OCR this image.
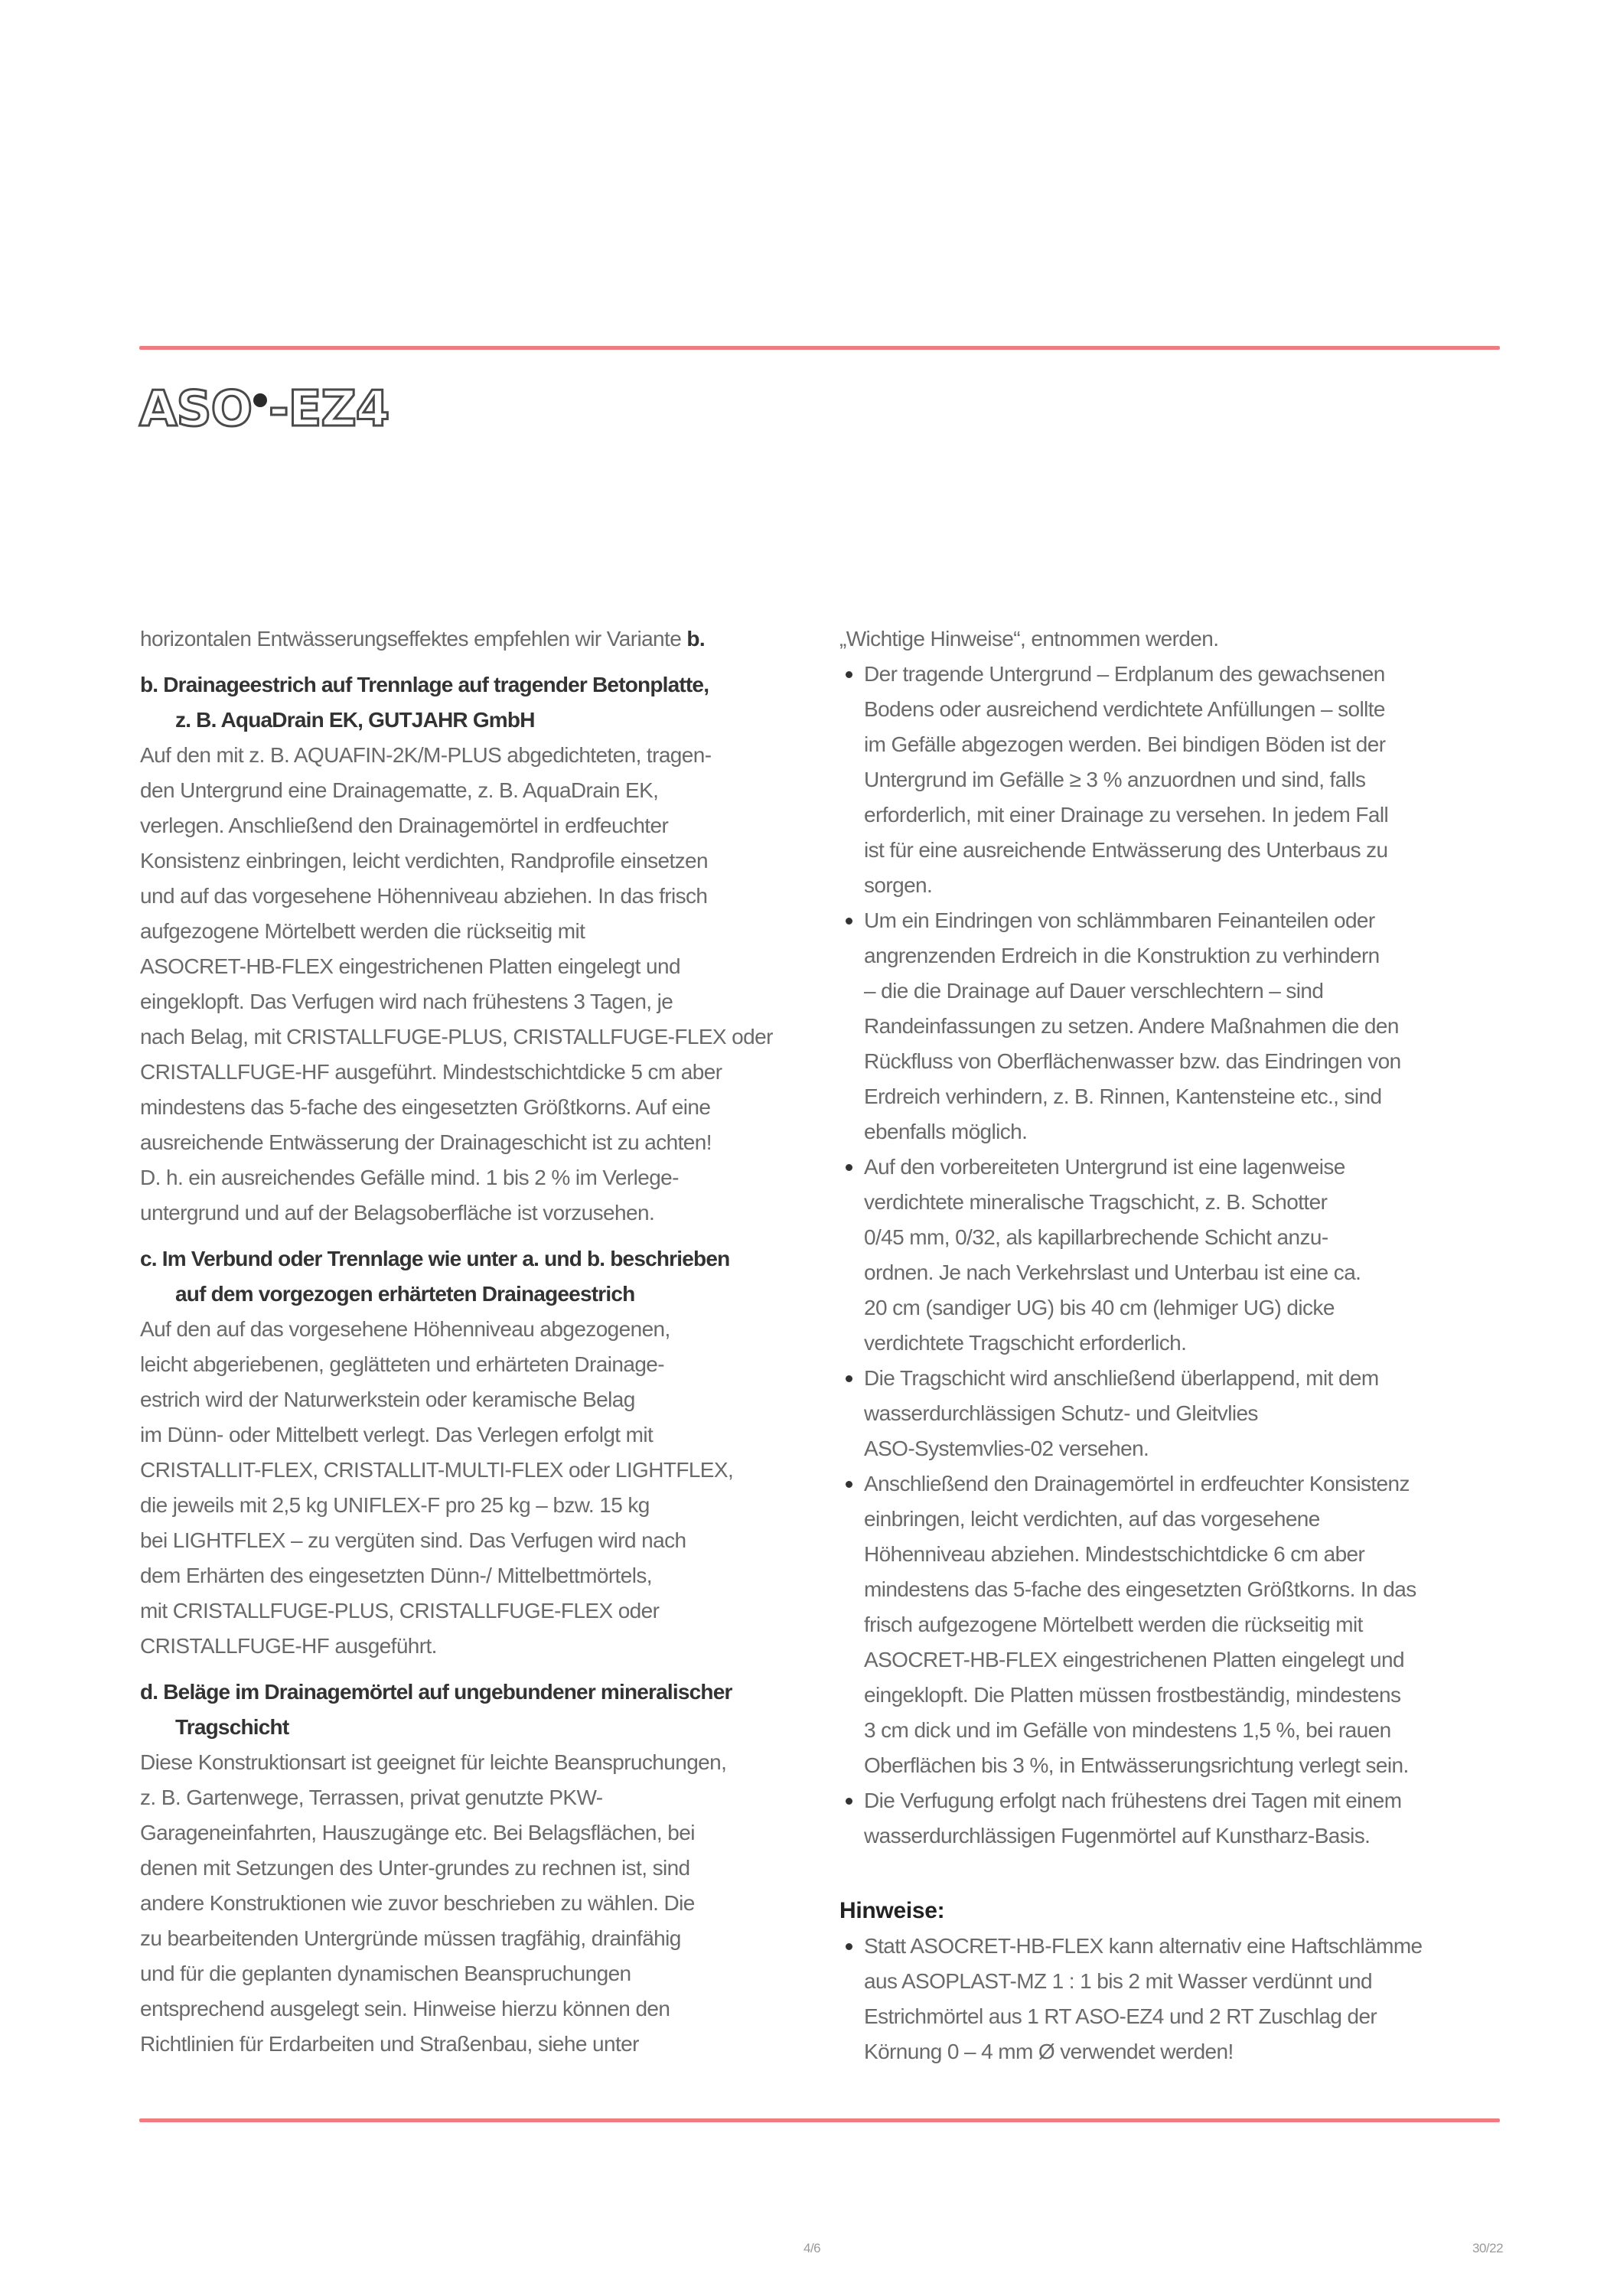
ASO -EZ4

horizontalen Entwässerungseffektes empfehlen wir Variante b.

b. Drainageestrich auf Trennlage auf tragender Betonplatte,
z. B. AquaDrain EK, GUTJAHR GmbH
Auf den mit z. B. AQUAFIN-2K/M-PLUS abgedichteten, tragen-
den Untergrund eine Drainagematte, z. B. AquaDrain EK,
verlegen. Anschließend den Drainagemörtel in erdfeuchter
Konsistenz einbringen, leicht verdichten, Randprofile einsetzen
und auf das vorgesehene Höhenniveau abziehen. In das frisch
aufgezogene Mörtelbett werden die rückseitig mit
ASOCRET-HB-FLEX eingestrichenen Platten eingelegt und
eingeklopft. Das Verfugen wird nach frühestens 3 Tagen, je
nach Belag, mit CRISTALLFUGE-PLUS, CRISTALLFUGE-FLEX oder
CRISTALLFUGE-HF ausgeführt. Mindestschichtdicke 5 cm aber
mindestens das 5-fache des eingesetzten Größtkorns. Auf eine
ausreichende Entwässerung der Drainageschicht ist zu achten!
D. h. ein ausreichendes Gefälle mind. 1 bis 2 % im Verlege-
untergrund und auf der Belagsoberfläche ist vorzusehen.
c. Im Verbund oder Trennlage wie unter a. und b. beschrieben
auf dem vorgezogen erhärteten Drainageestrich
Auf den auf das vorgesehene Höhenniveau abgezogenen,
leicht abgeriebenen, geglätteten und erhärteten Drainage-
estrich wird der Naturwerkstein oder keramische Belag
im Dünn- oder Mittelbett verlegt. Das Verlegen erfolgt mit
CRISTALLIT-FLEX, CRISTALLIT-MULTI-FLEX oder LIGHTFLEX,
die jeweils mit 2,5 kg UNIFLEX-F pro 25 kg – bzw. 15 kg
bei LIGHTFLEX – zu vergüten sind. Das Verfugen wird nach
dem Erhärten des eingesetzten Dünn-/ Mittelbettmörtels,
mit CRISTALLFUGE-PLUS, CRISTALLFUGE-FLEX oder
CRISTALLFUGE-HF ausgeführt.
d. Beläge im Drainagemörtel auf ungebundener mineralischer
Tragschicht
Diese Konstruktionsart ist geeignet für leichte Beanspruchungen,
z. B. Gartenwege, Terrassen, privat genutzte PKW-
Garageneinfahrten, Hauszugänge etc. Bei Belagsflächen, bei
denen mit Setzungen des Unter-grundes zu rechnen ist, sind
andere Konstruktionen wie zuvor beschrieben zu wählen. Die
zu bearbeitenden Untergründe müssen tragfähig, drainfähig
und für die geplanten dynamischen Beanspruchungen
entsprechend ausgelegt sein. Hinweise hierzu können den
Richtlinien für Erdarbeiten und Straßenbau, siehe unter
„Wichtige Hinweise“, entnommen werden.
Der tragende Untergrund – Erdplanum des gewachsenen
Bodens oder ausreichend verdichtete Anfüllungen – sollte
im Gefälle abgezogen werden. Bei bindigen Böden ist der
Untergrund im Gefälle ≥ 3 % anzuordnen und sind, falls
erforderlich, mit einer Drainage zu versehen. In jedem Fall
ist für eine ausreichende Entwässerung des Unterbaus zu
sorgen.
Um ein Eindringen von schlämmbaren Feinanteilen oder
angrenzenden Erdreich in die Konstruktion zu verhindern
– die die Drainage auf Dauer verschlechtern – sind
Randeinfassungen zu setzen. Andere Maßnahmen die den
Rückfluss von Oberflächenwasser bzw. das Eindringen von
Erdreich verhindern, z. B. Rinnen, Kantensteine etc., sind
ebenfalls möglich.
Auf den vorbereiteten Untergrund ist eine lagenweise
verdichtete mineralische Tragschicht, z. B. Schotter
0/45 mm, 0/32, als kapillarbrechende Schicht anzu-
ordnen. Je nach Verkehrslast und Unterbau ist eine ca.
20 cm (sandiger UG) bis 40 cm (lehmiger UG) dicke
verdichtete Tragschicht erforderlich.
Die Tragschicht wird anschließend überlappend, mit dem
wasserdurchlässigen Schutz- und Gleitvlies
ASO-Systemvlies-02 versehen.
Anschließend den Drainagemörtel in erdfeuchter Konsistenz
einbringen, leicht verdichten, auf das vorgesehene
Höhenniveau abziehen. Mindestschichtdicke 6 cm aber
mindestens das 5-fache des eingesetzten Größtkorns. In das
frisch aufgezogene Mörtelbett werden die rückseitig mit
ASOCRET-HB-FLEX eingestrichenen Platten eingelegt und
eingeklopft. Die Platten müssen frostbeständig, mindestens
3 cm dick und im Gefälle von mindestens 1,5 %, bei rauen
Oberflächen bis 3 %, in Entwässerungsrichtung verlegt sein.
Die Verfugung erfolgt nach frühestens drei Tagen mit einem
wasserdurchlässigen Fugenmörtel auf Kunstharz-Basis.
Hinweise:
Statt ASOCRET-HB-FLEX kann alternativ eine Haftschlämme
aus ASOPLAST-MZ 1 : 1 bis 2 mit Wasser verdünnt und
Estrichmörtel aus 1 RT ASO-EZ4 und 2 RT Zuschlag der
Körnung 0 – 4 mm Ø verwendet werden!
4/6	30/22
